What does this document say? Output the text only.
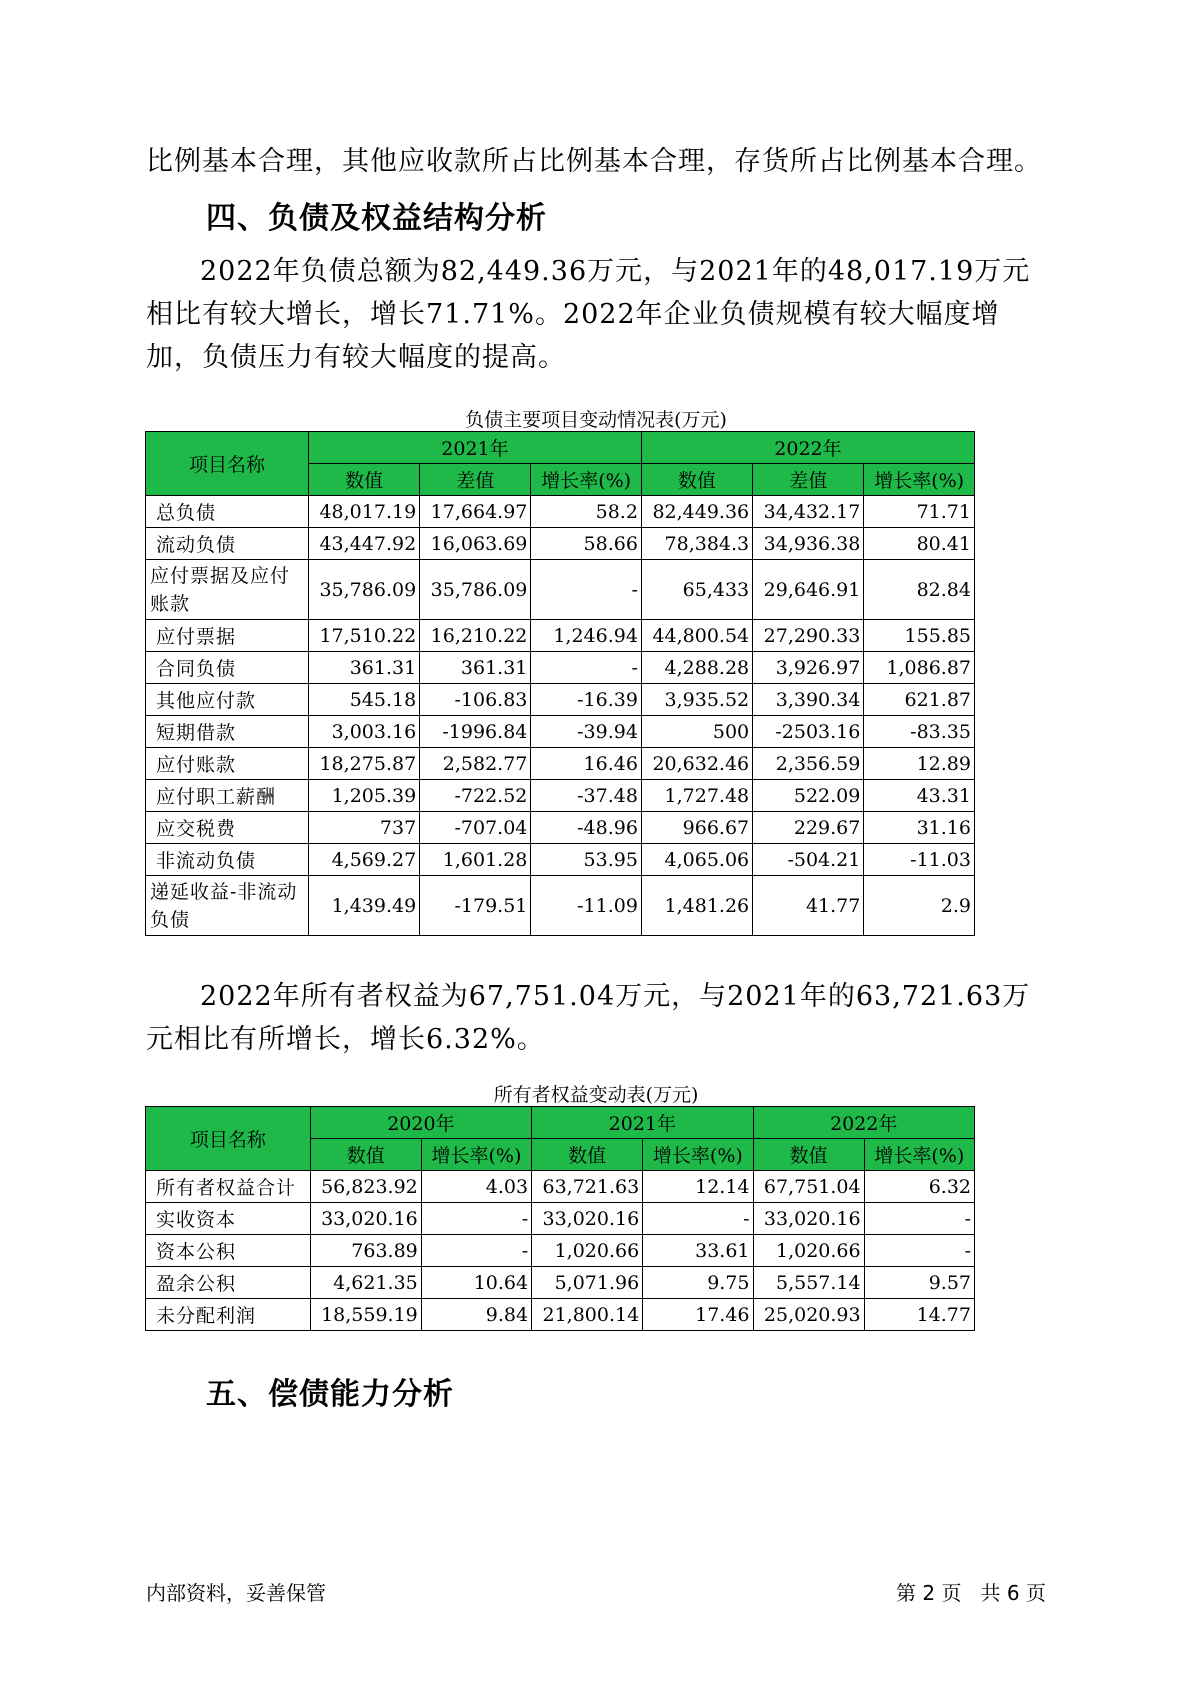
比例基本合理，其他应收款所占比例基本合理，存货所占比例基本合理。
四、负债及权益结构分析
2022年负债总额为82,449.36万元，与2021年的48,017.19万元相比有较大增长，增长71.71%。2022年企业负债规模有较大幅度增加，负债压力有较大幅度的提高。
负债主要项目变动情况表(万元)
项目名称	2021年			2022年		
	数值	差值	增长率(%)	数值	差值	增长率(%)
总负债	48,017.19	17,664.97	58.2	82,449.36	34,432.17	71.71
流动负债	43,447.92	16,063.69	58.66	78,384.3	34,936.38	80.41
应付票据及应付账款	35,786.09	35,786.09	-	65,433	29,646.91	82.84
应付票据	17,510.22	16,210.22	1,246.94	44,800.54	27,290.33	155.85
合同负债	361.31	361.31	-	4,288.28	3,926.97	1,086.87
其他应付款	545.18	-106.83	-16.39	3,935.52	3,390.34	621.87
短期借款	3,003.16	-1996.84	-39.94	500	-2503.16	-83.35
应付账款	18,275.87	2,582.77	16.46	20,632.46	2,356.59	12.89
应付职工薪酬	1,205.39	-722.52	-37.48	1,727.48	522.09	43.31
应交税费	737	-707.04	-48.96	966.67	229.67	31.16
非流动负债	4,569.27	1,601.28	53.95	4,065.06	-504.21	-11.03
递延收益-非流动负债	1,439.49	-179.51	-11.09	1,481.26	41.77	2.9
2022年所有者权益为67,751.04万元，与2021年的63,721.63万元相比有所增长，增长6.32%。
所有者权益变动表(万元)
项目名称	2020年		2021年		2022年	
	数值	增长率(%)	数值	增长率(%)	数值	增长率(%)
所有者权益合计	56,823.92	4.03	63,721.63	12.14	67,751.04	6.32
实收资本	33,020.16	-	33,020.16	-	33,020.16	-
资本公积	763.89	-	1,020.66	33.61	1,020.66	-
盈余公积	4,621.35	10.64	5,071.96	9.75	5,557.14	9.57
未分配利润	18,559.19	9.84	21,800.14	17.46	25,020.93	14.77
五、偿债能力分析
内部资料，妥善保管	第 2 页   共 6 页
